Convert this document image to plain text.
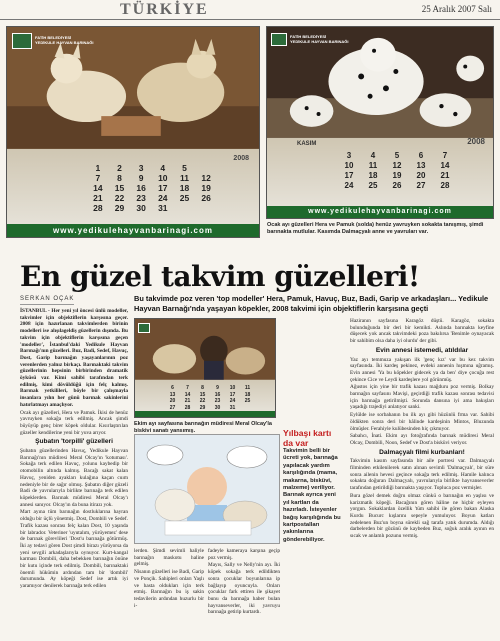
TÜRKİYE	25 Aralık 2007 Salı
FATİH BELEDİYESİ
YEDİKULE HAYVAN BARINAĞI
2008
1	2	3	4	5	
7	8	9	10	11	12
14	15	16	17	18	19
21	22	23	24	25	26
28	29	30	31		
www.yedikulehayvanbarinagi.com
FATİH BELEDİYESİ
YEDİKULE HAYVAN BARINAĞI
KASIM	2008
3	4	5	6	7
10	11	12	13	14
17	18	19	20	21
24	25	26	27	28
www.yedikulehayvanbarinagi.com
Ocak ayı güzelleri Hera ve Pamuk (solda) henüz yavruyken sokakta tanışmış, şimdi barınakta mutlular. Kasımda Dalmaçyalı anne ve yavruları var.
En güzel takvim güzelleri!
Bu takvimde poz veren 'top modeller' Hera, Pamuk, Havuç, Buz, Badi, Garip ve arkadaşları... Yedikule Hayvan Barnağı'nda yaşayan köpekler, 2008 takvimi için objektiflerin karşısına geçti
SERKAN OÇAK

İSTANBUL - Her yeni yıl öncesi ünlü modeller, takvimler için objektiflerin karşısına geçer. 2008 için hazırlanan takvimlerden birinin modelleri ise alışılageldiş güzellerin dışında. Bu takvim için objektiflerin karşısına geçen 'modeller', İstanbul'daki Yedikule Hayvan Barınağı'nın güzelleri. Buz, Badi, Sedef, Havuç, Dost, Garip barınağın yaşayanlarının poz verenlerden yalnız birkaçı. Barınaktaki takvim güzellerinin hepsinin birbirinden dramatik öyküsü var. Kimi sahibi tarafından terk edilmiş, kimi dövüldüğü için felç kalmış. Barınak yetkilileri, böyle bir çalışmayla insanlara yılın her günü barınak sakinlerini hatırlatmayı amaçlıyor.

Ocak ayı güzelleri, Hera ve Pamuk. İkisi de henüz yavruyken sokağa terk edilmiş. Ancak şimdi büyüyüp genç birer köpek oldular. Kısırlaştırılan güzeller kendilerine yeni bir yuva arıyor.

Şubatın 'torpilli' güzelleri

Şubatın güzellerinden Havuç, Yedikule Hayvan Barınağı'nın müdiresi Meral Olcay'ın 'kotuması'. Sokağa terk edilen Havuç, yolunu kaybedip bir otomobilin altında kalmış. Bacağı sakat kalan Havuç, yeniden ayakları kulağına kaçan cuım nedeniyle bir de sağır olmuş. Şubatın diğer güzeli Badi de yavrularıyla birlikte barınağa terk edilen köpeklerden. Barınak müdiresi Meral Olcay'ı annesi sanıyor. Olcay'ın da buna itirazı yok.

Mart ayına tüm barınağın dostluklarına hayran olduğu bir üçlü yönetmiş. Dost, Dombili ve Sedef. Trafik kazası sonrası felç kalan Dost, 10 yaşında bir labrador. Veteriner 'uyutalım, yürüyemez' dese de barınak görevlileri 'Dost'u barınağa götürmüş. İki ay tedavi gören Dost şimdi birazı yürüyorsa da yeni sevgili arkadaşlarıyla oynuyor. Kurt-kangal karması Dombili, daha bebekken barınağın önüne bir kutu içinde terk edilmiş. Dombili, barınaktaki önemli hükümin ardından tam bir 'dombili' durumunda. Ay köpeği Sedef ise artık iyi yaramıyor denilerek barınağa terk edilen

6	7	8	9	10	11
13	14	15	16	17	18
20	21	22	23	24	25
27	28	29	30	31	
Ekim ayı sayfasına barınağın müdiresi Meral Olcay'la biskivi sanatı yansımış.

lerden. Şimdi sevimli haliyle barınağın maskotu haline gelmiş.

Nisanın güzelleri ise Badi, Garip ve Ponçik. Sahipleri onları Yaşlı ve hasta oldukları için terk etmiş. Barınağın bu iş sakin tedavilerin ardından huzurlu bir i-

fadeyle kameraya karşına geçip poz vermiş.

Mayıs, Sally ve Nelly'nin ayı. İki köpek sokağa terk edildikten sonra çocuklar boyunlarına ip bağlayıp oyuncuyla. Onları çocuklar fark ettiren ile şikayet bunu da barınağa haber bulan hayvanseverler, iki yavruyu barınağa getirip kurtardı.

Yılbaşı kartı da var
Takvimin belli bir ücreti yok, barınağa yapılacak yardım karşılığında (mama, makarna, bisküvi, malzeme) veriliyor. Barınak ayrıca yeni yıl kartları da hazırladı. İsteyenler bağış karşılığında bu kartpostalları yakınlarına gönderebiliyor.

Haziranın sayfasına Karagöz düştü. Karagöz, sokakta bulunduğunda bir deri bir kemikti. Aslında barınakta keyfine düşecek yok ancak takvimdeki poza bakılırsa 'Benimle oynayacak bir sahibim olsa daha iyi olurdu' der gibi.

Evin annesi istemedi, atıldılar

Yaz ayı temmuza yakışan ilk 'genç kız' var bu kez takvim sayfasında. İki kardeş pekinez, evdeki annenin hışmına uğramış. Evin annesi 'Ya bu köpekler gidecek ya da ben' diye çocuğa rest çekince Cice ve Leydi kardeşlere yol görünmüş.

Ağustos için yine bir trafik kazası mağduru poz vermiş. Bolkay barınağın sayfasını Mavişi, geçirdiği trafik kazası sonrası tedavisi için barınağa getirilmişti. Sorunda dansına iyi ama bakışları yaşadığı trajediyi anlatıyor sanki.

Eylülde ise sorbahanın bu ilk ayı gibi hüzünlü frma var. Sahibi öldükten sonra deri bir hâlinde kardeşinin Mintos, Bluzunda ölmüşler. Ferahiyle kulübesinden hiç çıkmıyor.

Sabahcı, İnati. Ekim ayı fotoğrafında barınak müdiresi Meral Olcay, Dombili, Noon, Sedef ve Dost'a bisküvi veriyor.

Dalmaçyalı filmi kurbanları!

Takvimin kasım sayfasında bir aile portresi var. Dalmaçyalı filminden etkilenilerek satın alınan sevimli 'Dalmaçyalı', bir süre sonra ailenin hevesi geçince sokağa terk edilmiş. Hamile kalınca sokakta doğuran Dalmaçyalı, yavrularıyla birlikte hayvanseverler tarafından getirildiği barınakta yaşıyor. Topluca poz vermişler.

Bura gözel demek doğru olmaz cünkü o barınağın en yaşlısı ve karizmatik köpeği. Bacağının gören hâline ne hiçbir eyleyen yorgun. Sokaklardan özellik 'tüm sahibi ile gören bakan Alaska Kurdu Bucurc kışlarını sepeyle yumuluyor. Boyun katları zedelenen Buz'un boyna sürekli sağ tarafa yatık durumda. Aldığı darbelerden bir gözünü de kaybeden Buz, soğuk aralık ayının en sıcak ve anlamlı pozunu vermiş.
